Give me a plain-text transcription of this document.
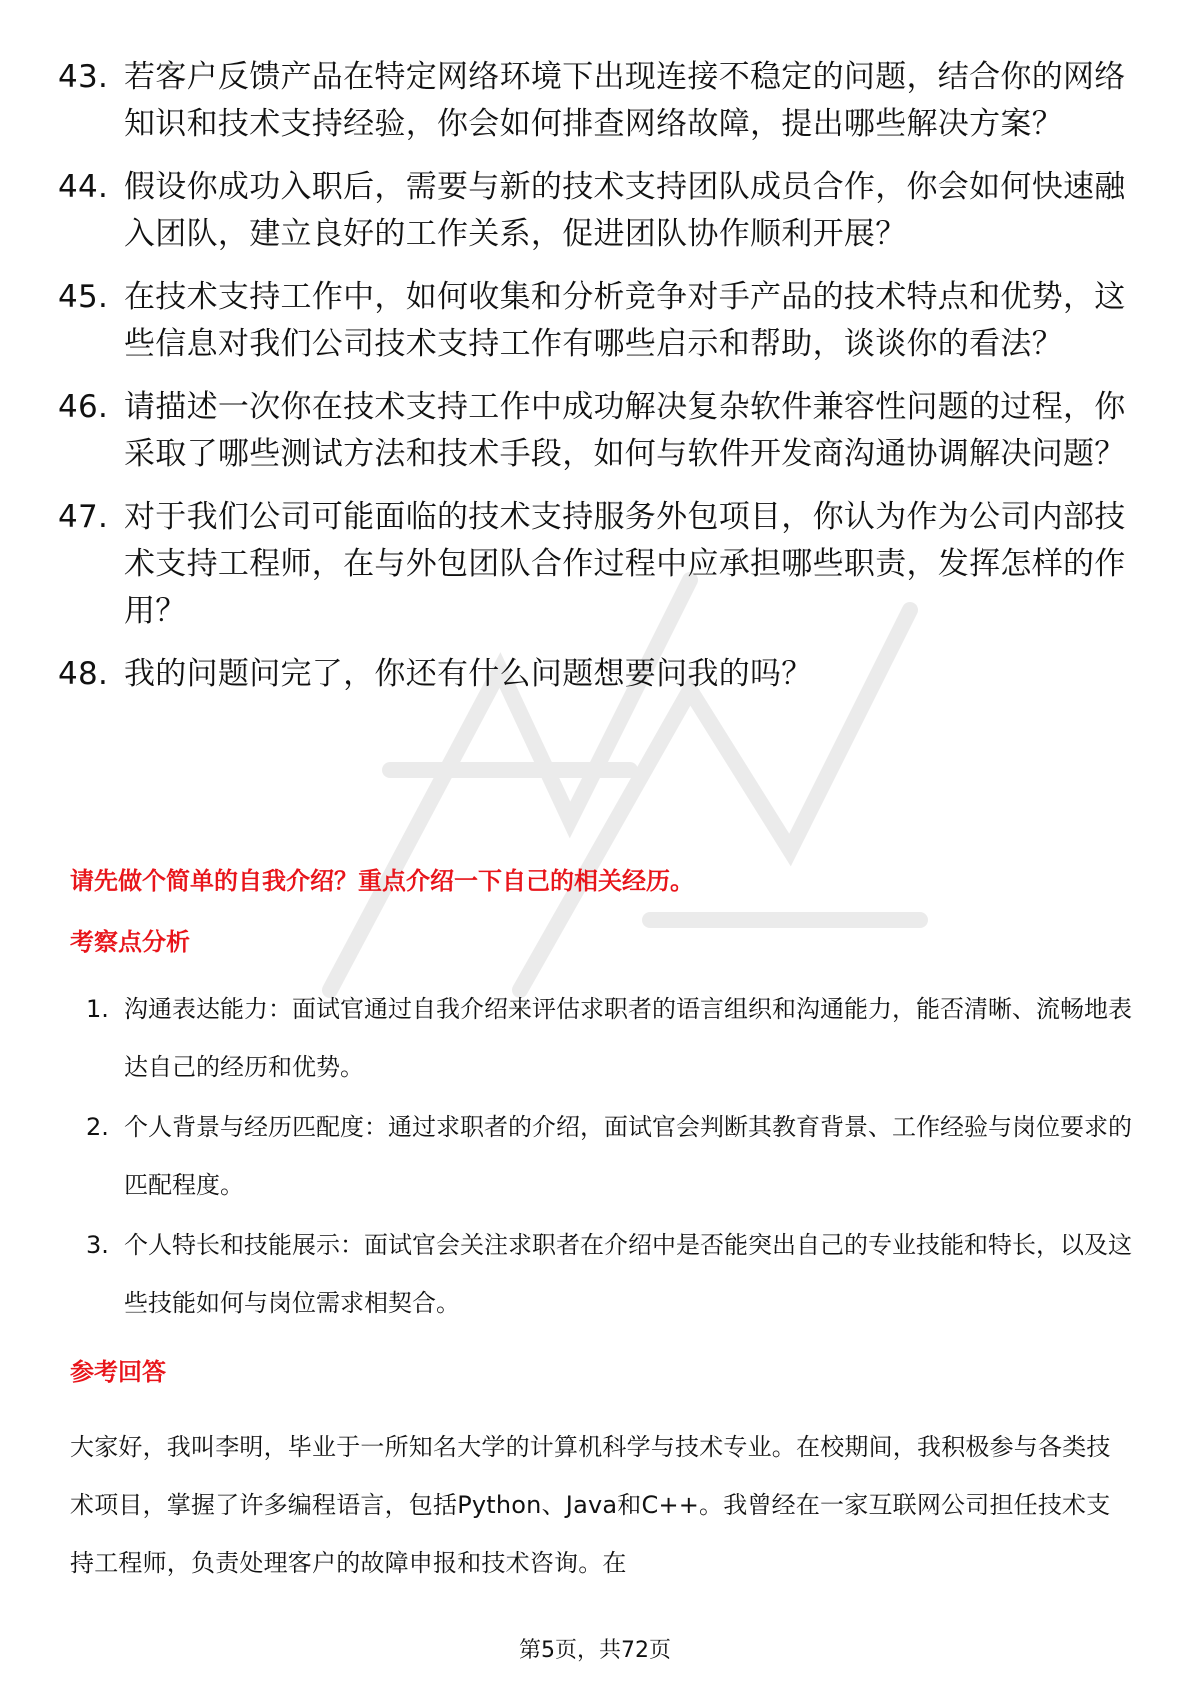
43. 若客户反馈产品在特定网络环境下出现连接不稳定的问题，结合你的网络知识和技术支持经验，你会如何排查网络故障，提出哪些解决方案？
44. 假设你成功入职后，需要与新的技术支持团队成员合作，你会如何快速融入团队，建立良好的工作关系，促进团队协作顺利开展？
45. 在技术支持工作中，如何收集和分析竞争对手产品的技术特点和优势，这些信息对我们公司技术支持工作有哪些启示和帮助，谈谈你的看法？
46. 请描述一次你在技术支持工作中成功解决复杂软件兼容性问题的过程，你采取了哪些测试方法和技术手段，如何与软件开发商沟通协调解决问题？
47. 对于我们公司可能面临的技术支持服务外包项目，你认为作为公司内部技术支持工程师，在与外包团队合作过程中应承担哪些职责，发挥怎样的作用？
48. 我的问题问完了，你还有什么问题想要问我的吗？
请先做个简单的自我介绍？重点介绍一下自己的相关经历。
考察点分析
1. 沟通表达能力：面试官通过自我介绍来评估求职者的语言组织和沟通能力，能否清晰、流畅地表达自己的经历和优势。
2. 个人背景与经历匹配度：通过求职者的介绍，面试官会判断其教育背景、工作经验与岗位要求的匹配程度。
3. 个人特长和技能展示：面试官会关注求职者在介绍中是否能突出自己的专业技能和特长，以及这些技能如何与岗位需求相契合。
参考回答
大家好，我叫李明，毕业于一所知名大学的计算机科学与技术专业。在校期间，我积极参与各类技术项目，掌握了许多编程语言，包括Python、Java和C++。我曾经在一家互联网公司担任技术支持工程师，负责处理客户的故障申报和技术咨询。在
第5页，共72页
